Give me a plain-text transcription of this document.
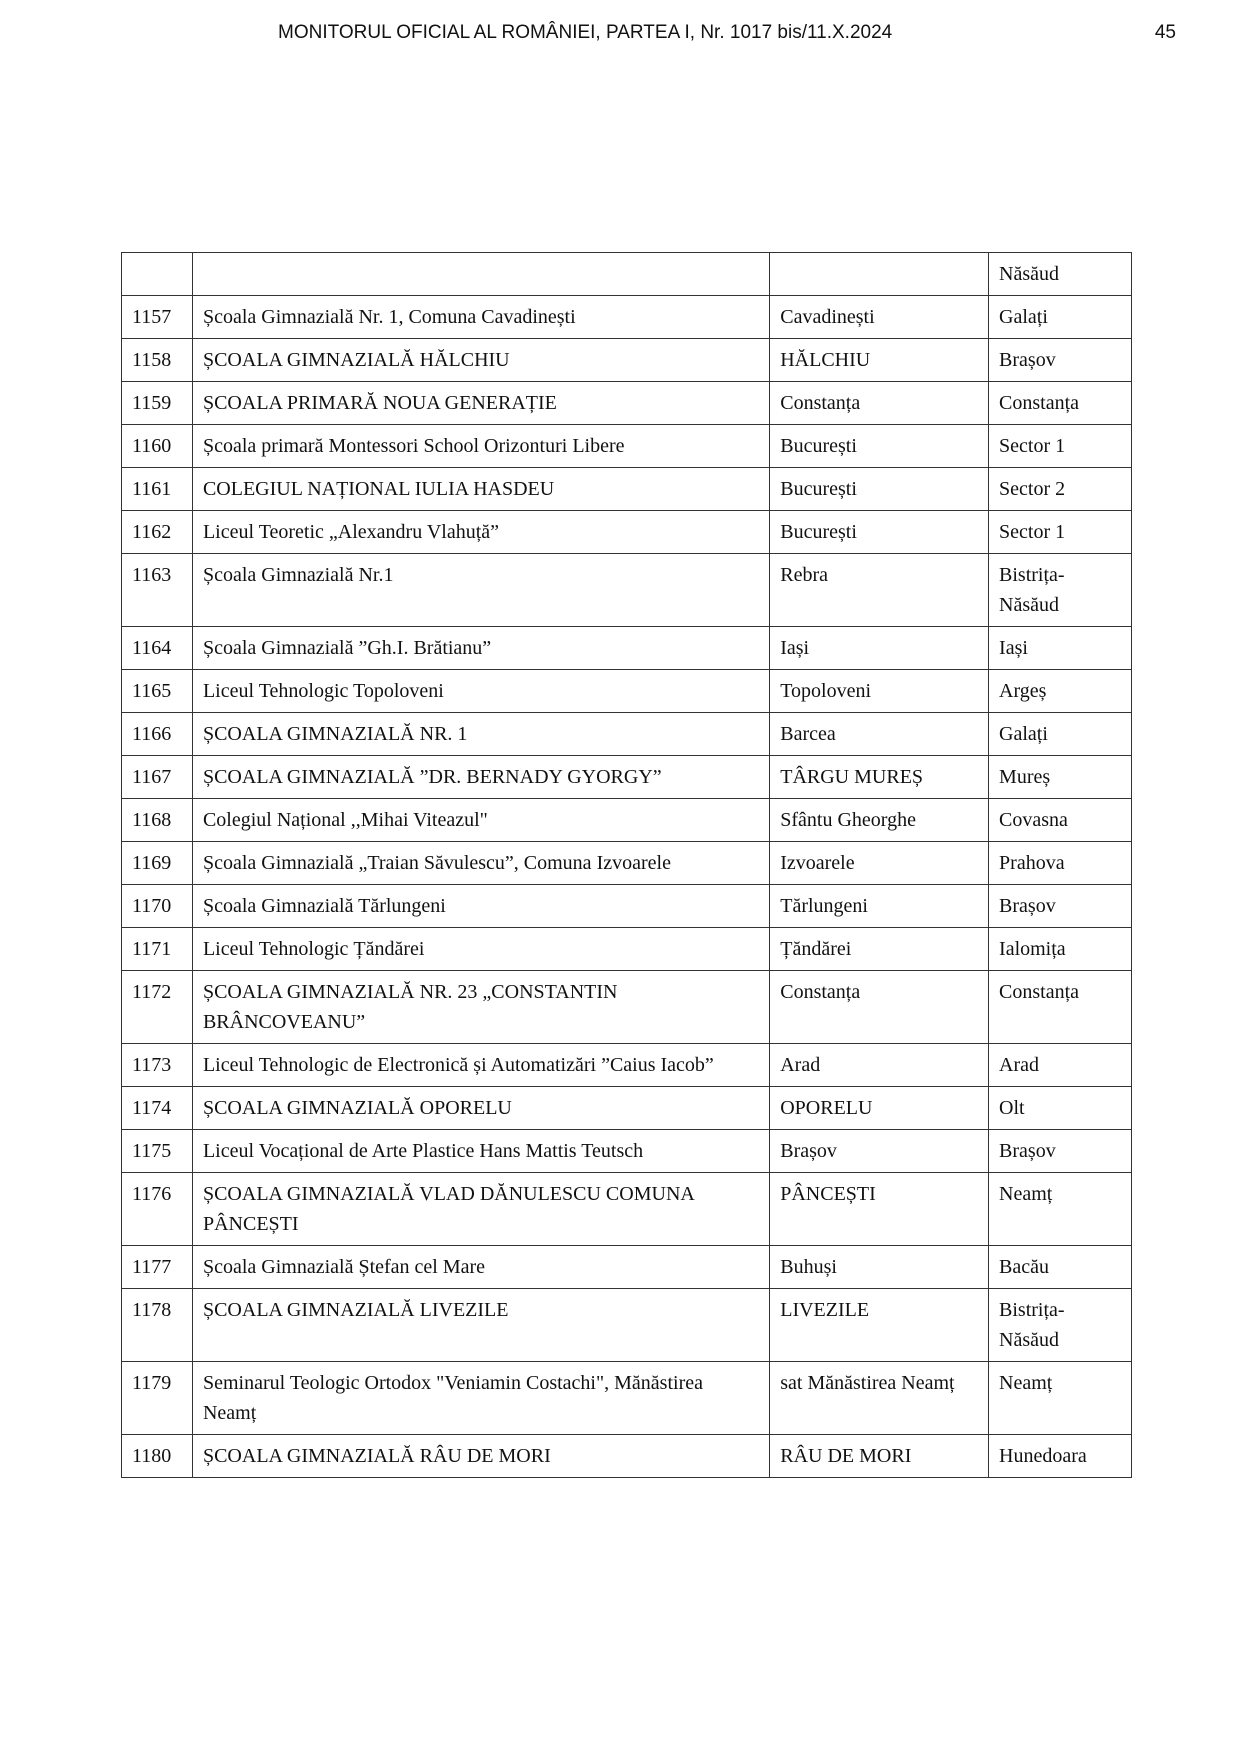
MONITORUL OFICIAL AL ROMÂNIEI, PARTEA I, Nr. 1017 bis/11.X.2024	45
			Năsăud
1157	Școala Gimnazială Nr. 1, Comuna Cavadinești	Cavadinești	Galați
1158	ȘCOALA GIMNAZIALĂ HĂLCHIU	HĂLCHIU	Brașov
1159	ȘCOALA PRIMARĂ NOUA GENERAȚIE	Constanța	Constanța
1160	Școala primară Montessori School Orizonturi Libere	București	Sector 1
1161	COLEGIUL NAȚIONAL IULIA HASDEU	București	Sector 2
1162	Liceul Teoretic „Alexandru Vlahuță”	București	Sector 1
1163	Școala Gimnazială Nr.1	Rebra	Bistrița-Năsăud
1164	Școala Gimnazială ”Gh.I. Brătianu”	Iași	Iași
1165	Liceul Tehnologic Topoloveni	Topoloveni	Argeș
1166	ȘCOALA GIMNAZIALĂ NR. 1	Barcea	Galați
1167	ȘCOALA GIMNAZIALĂ ”DR. BERNADY GYORGY”	TÂRGU MUREȘ	Mureș
1168	Colegiul Național ,,Mihai Viteazul"	Sfântu Gheorghe	Covasna
1169	Școala Gimnazială „Traian Săvulescu”, Comuna Izvoarele	Izvoarele	Prahova
1170	Școala Gimnazială Tărlungeni	Tărlungeni	Brașov
1171	Liceul Tehnologic Țăndărei	Țăndărei	Ialomița
1172	ȘCOALA GIMNAZIALĂ NR. 23 „CONSTANTIN BRÂNCOVEANU”	Constanța	Constanța
1173	Liceul Tehnologic de Electronică și Automatizări ”Caius Iacob”	Arad	Arad
1174	ȘCOALA GIMNAZIALĂ OPORELU	OPORELU	Olt
1175	Liceul Vocațional de Arte Plastice Hans Mattis Teutsch	Brașov	Brașov
1176	ȘCOALA GIMNAZIALĂ VLAD DĂNULESCU COMUNA PÂNCEȘTI	PÂNCEȘTI	Neamț
1177	Școala Gimnazială Ștefan cel Mare	Buhuși	Bacău
1178	ȘCOALA GIMNAZIALĂ LIVEZILE	LIVEZILE	Bistrița-Năsăud
1179	Seminarul Teologic Ortodox "Veniamin Costachi", Mănăstirea Neamț	sat Mănăstirea Neamț	Neamț
1180	ȘCOALA GIMNAZIALĂ RÂU DE MORI	RÂU DE MORI	Hunedoara
